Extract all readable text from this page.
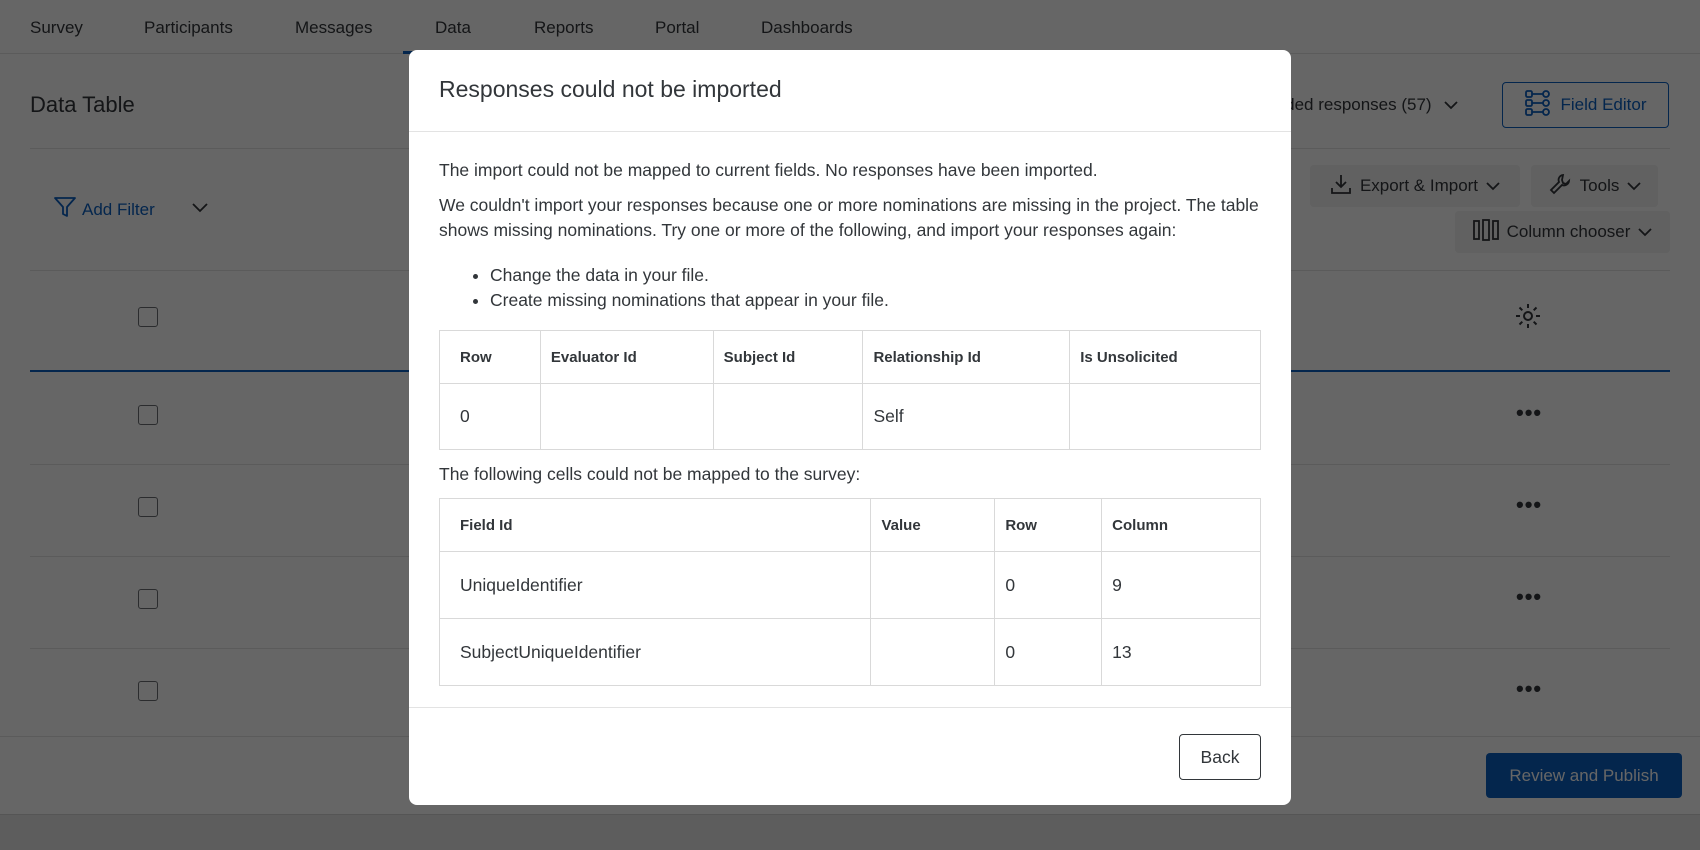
Responses could not be imported

The import could not be mapped to current fields. No responses have been imported.

We couldn't import your responses because one or more nominations are missing in the project. The table shows missing nominations. Try one or more of the following, and import your responses again:

• Change the data in your file.
• Create missing nominations that appear in your file.
Row	Evaluator Id	Subject Id	Relationship Id	Is Unsolicited
0			Self	

The following cells could not be mapped to the survey:

Field Id	Value	Row	Column
UniqueIdentifier		0	9
SubjectUniqueIdentifier		0	13
Back
